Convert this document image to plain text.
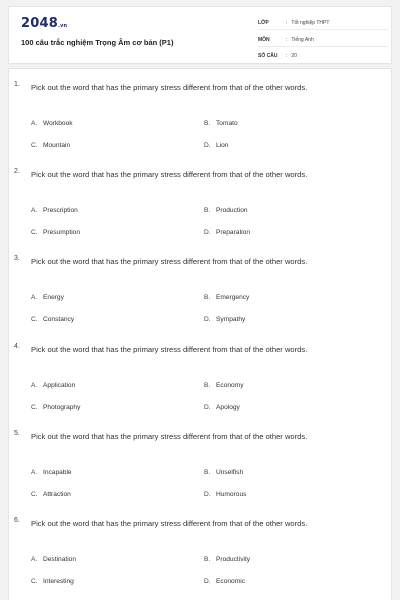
2048.vn
100 câu trắc nghiệm Trọng Âm cơ bản (P1)
LỚP	: Tốt nghiệp THPT
MÔN	: Tiếng Anh
SỐ CÂU	: 20
1. Pick out the word that has the primary stress different from that of the other words.
A. Workbook	B. Tomato
C. Mountain	D. Lion
2. Pick out the word that has the primary stress different from that of the other words.
A. Prescription	B. Production
C. Presumption	D. Preparation
3. Pick out the word that has the primary stress different from that of the other words.
A. Energy	B. Emergency
C. Constancy	D. Sympathy
4. Pick out the word that has the primary stress different from that of the other words.
A. Application	B. Economy
C. Photography	D. Apology
5. Pick out the word that has the primary stress different from that of the other words.
A. Incapable	B. Unselfish
C. Attraction	D. Humorous
6. Pick out the word that has the primary stress different from that of the other words.
A. Destination	B. Productivity
C. Interesting	D. Economic
